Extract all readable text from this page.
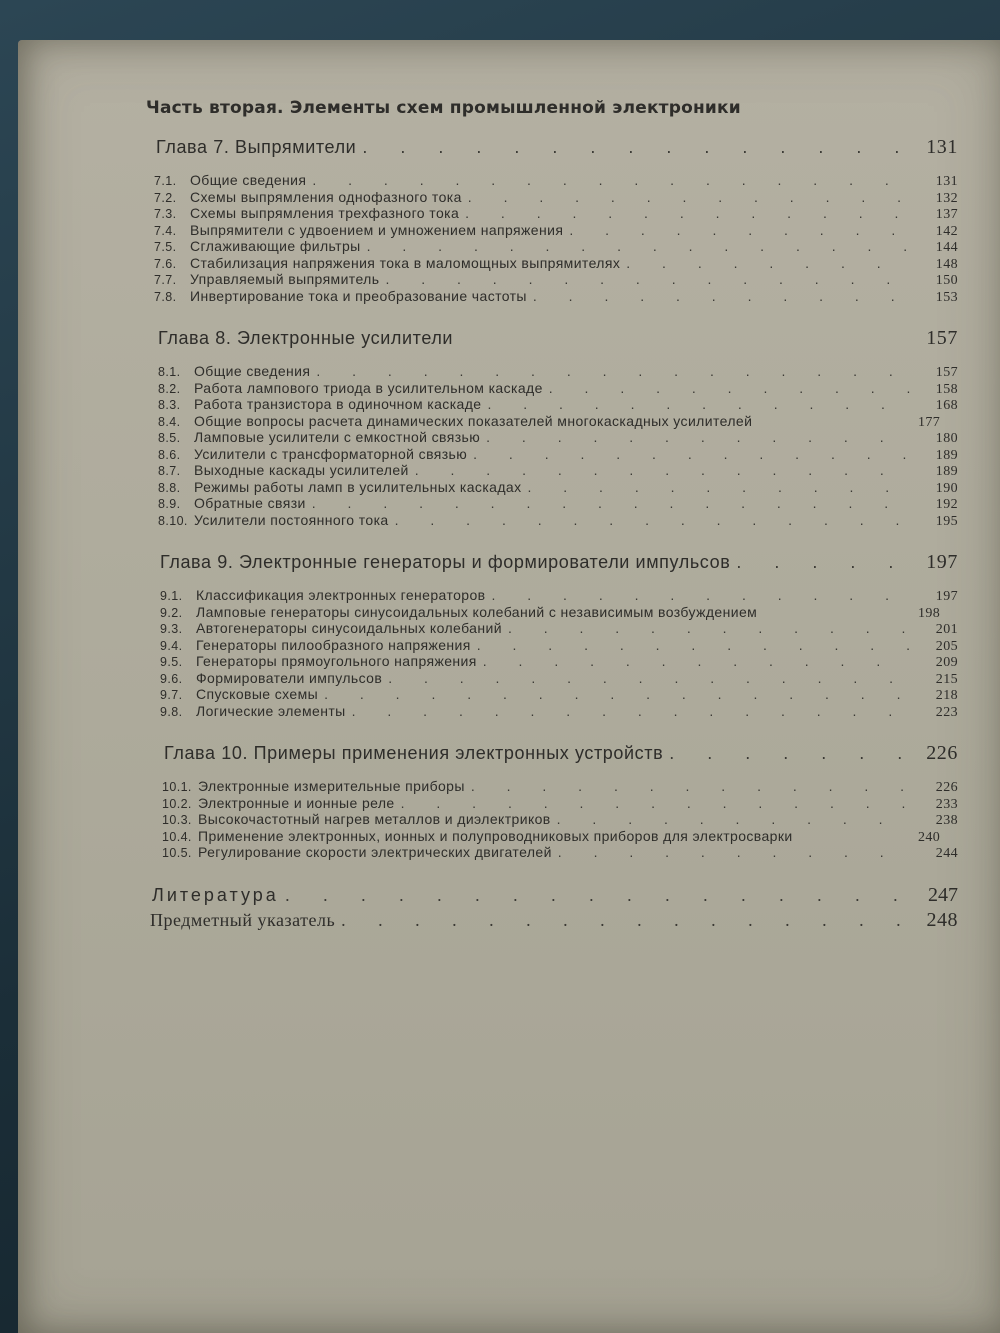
Часть вторая. Элементы схем промышленной электроники
Глава 7. Выпрямители . . .	131
7.1. Общие сведения . . .	131
7.2. Схемы выпрямления однофазного тока . . .	132
7.3. Схемы выпрямления трехфазного тока . . .	137
7.4. Выпрямители с удвоением и умножением напряжения . . .	142
7.5. Сглаживающие фильтры . . .	144
7.6. Стабилизация напряжения тока в маломощных выпрямителях . . .	148
7.7. Управляемый выпрямитель . . .	150
7.8. Инвертирование тока и преобразование частоты . . .	153
Глава 8. Электронные усилители	157
8.1. Общие сведения . . .	157
8.2. Работа лампового триода в усилительном каскаде . . .	158
8.3. Работа транзистора в одиночном каскаде . . .	168
8.4. Общие вопросы расчета динамических показателей многокаскадных усилителей	177
8.5. Ламповые усилители с емкостной связью . . .	180
8.6. Усилители с трансформаторной связью . . .	189
8.7. Выходные каскады усилителей . . .	189
8.8. Режимы работы ламп в усилительных каскадах . . .	190
8.9. Обратные связи . . .	192
8.10. Усилители постоянного тока . . .	195
Глава 9. Электронные генераторы и формирователи импульсов . . .	197
9.1. Классификация электронных генераторов . . .	197
9.2. Ламповые генераторы синусоидальных колебаний с независимым возбуждением	198
9.3. Автогенераторы синусоидальных колебаний . . .	201
9.4. Генераторы пилообразного напряжения . . .	205
9.5. Генераторы прямоугольного напряжения . . .	209
9.6. Формирователи импульсов . . .	215
9.7. Спусковые схемы . . .	218
9.8. Логические элементы . . .	223
Глава 10. Примеры применения электронных устройств . . .	226
10.1. Электронные измерительные приборы . . .	226
10.2. Электронные и ионные реле . . .	233
10.3. Высокочастотный нагрев металлов и диэлектриков . . .	238
10.4. Применение электронных, ионных и полупроводниковых приборов для электросварки	240
10.5. Регулирование скорости электрических двигателей . . .	244
Литература . . .	247
Предметный указатель . . .	248
